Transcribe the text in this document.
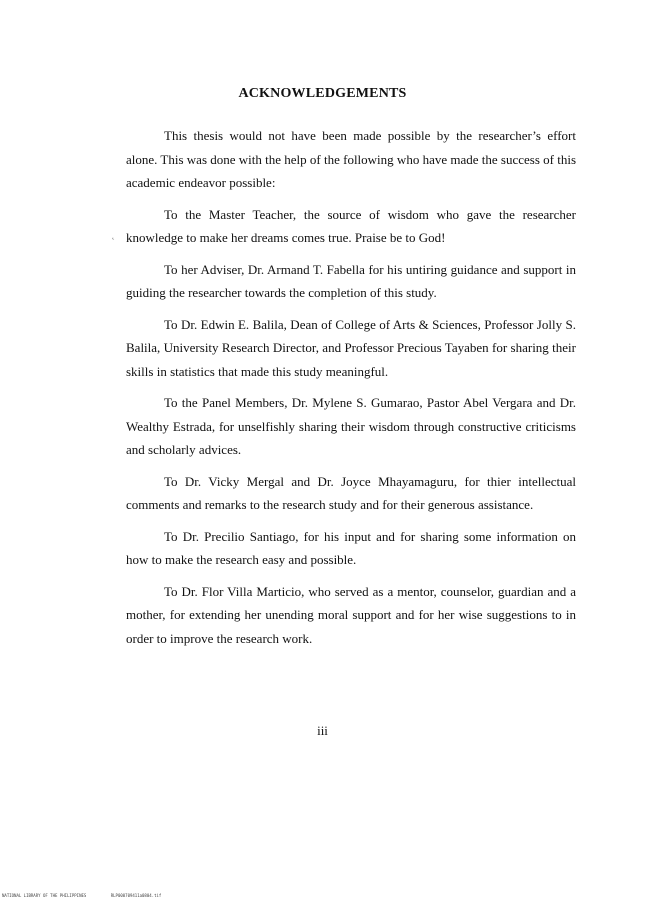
ACKNOWLEDGEMENTS
˛

This thesis would not have been made possible by the researcher’s effort alone. This was done with the help of the following who have made the success of this academic endeavor possible:

To the Master Teacher, the source of wisdom who gave the researcher knowledge to make her dreams comes true. Praise be to God!

To her Adviser, Dr. Armand T. Fabella for his untiring guidance and support in guiding the researcher towards the completion of this study.

To Dr. Edwin E. Balila, Dean of College of Arts & Sciences, Professor Jolly S. Balila, University Research Director, and Professor Precious Tayaben for sharing their skills in statistics that made this study meaningful.

To the Panel Members, Dr. Mylene S. Gumarao, Pastor Abel Vergara and Dr. Wealthy Estrada, for unselfishly sharing their wisdom through constructive criticisms and scholarly advices.

To Dr. Vicky Mergal and Dr. Joyce Mhayamaguru, for thier intellectual comments and remarks to the research study and for their generous assistance.

To Dr. Precilio Santiago, for his input and for sharing some information on how to make the research easy and possible.

To Dr. Flor Villa Marticio, who served as a mentor, counselor, guardian and a mother, for extending her unending moral support and for her wise suggestions to in order to improve the research work.

iii
NATIONAL LIBRARY OF THE PHILIPPINES	RLP000709411a0804.tif
